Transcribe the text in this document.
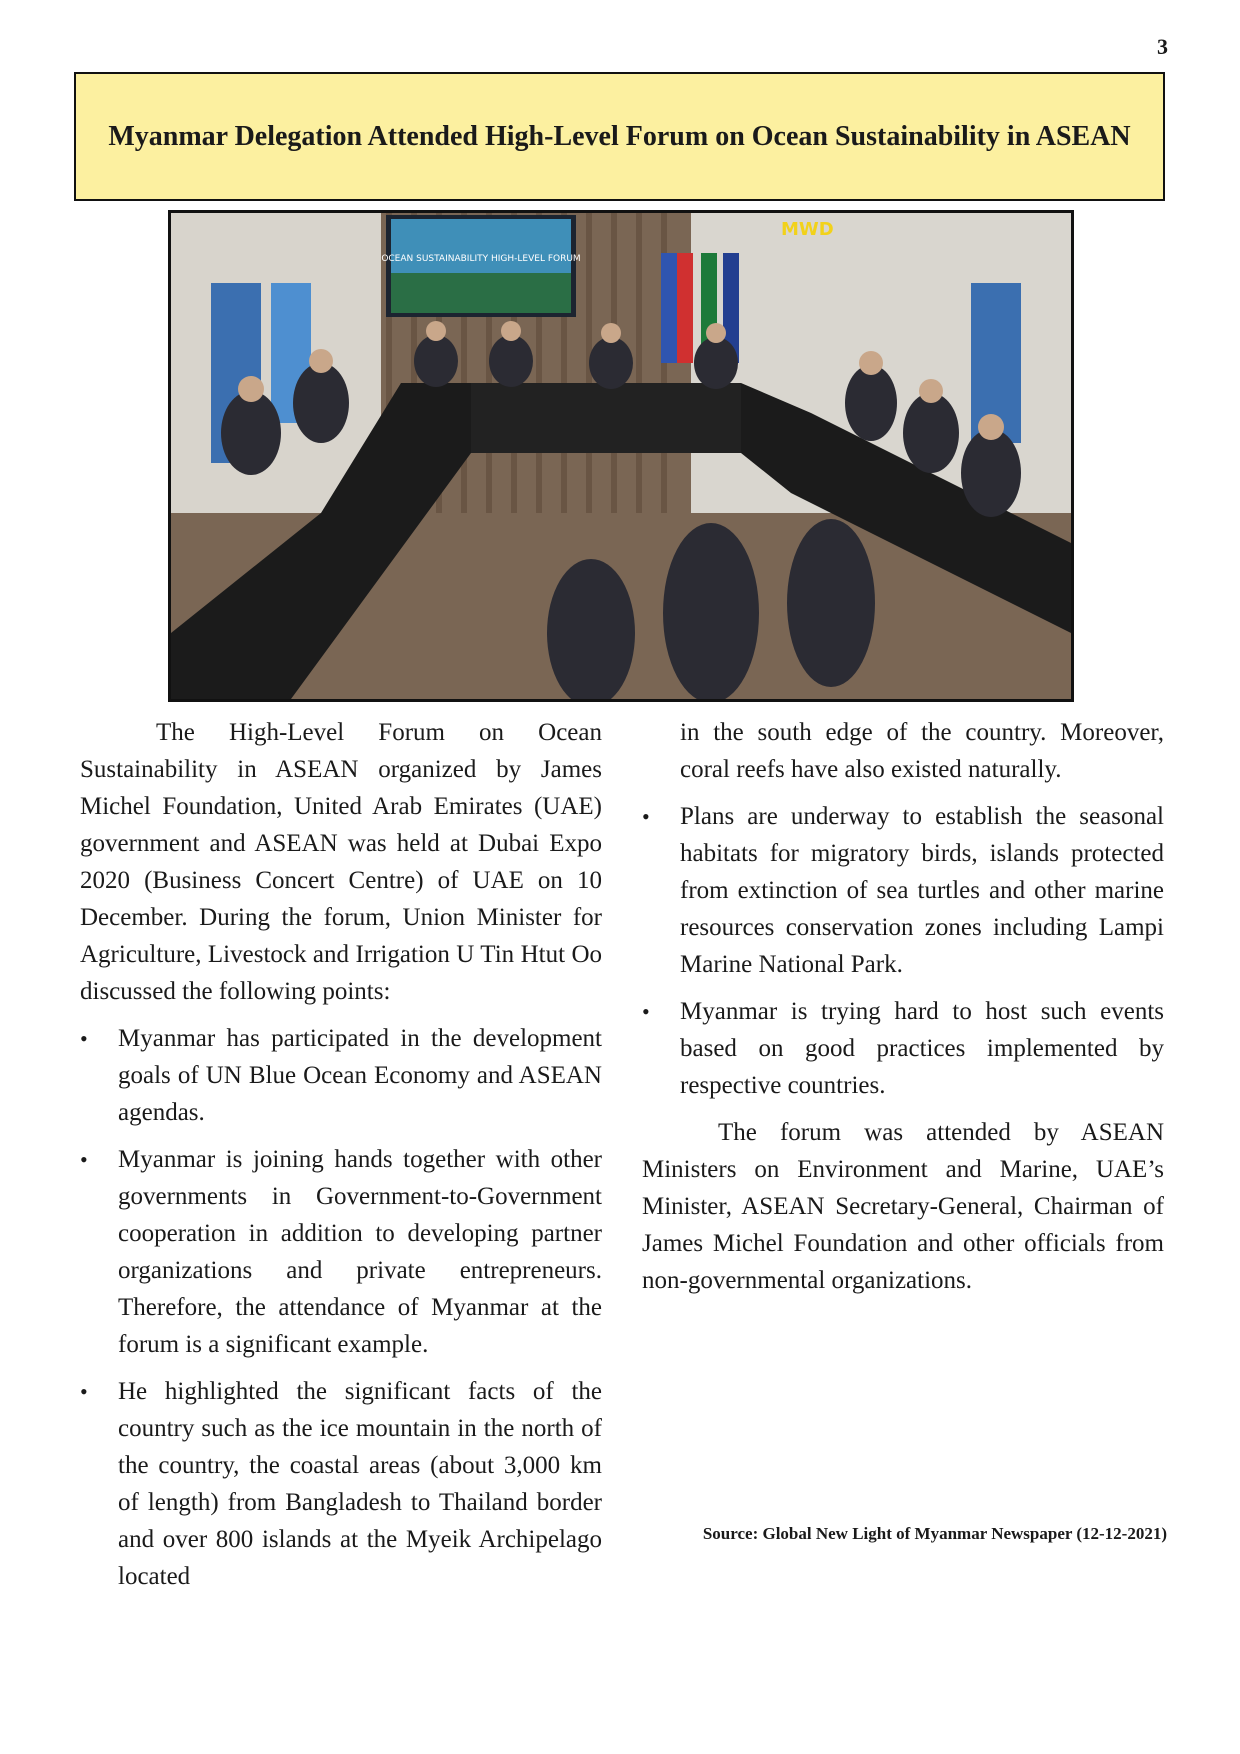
3
Myanmar Delegation Attended High-Level Forum on Ocean Sustainability in ASEAN
OCEAN SUSTAINABILITY HIGH-LEVEL FORUM
MWD

The High-Level Forum on Ocean Sustainability in ASEAN organized by James Michel Foundation, United Arab Emirates (UAE) government and ASEAN was held at Dubai Expo 2020 (Business Concert Centre) of UAE on 10 December. During the forum, Union Minister for Agriculture, Livestock and Irrigation U Tin Htut Oo discussed the following points:

• Myanmar has participated in the development goals of UN Blue Ocean Economy and ASEAN agendas.
• Myanmar is joining hands together with other governments in Government-to-Government cooperation in addition to developing partner organizations and private entrepreneurs. Therefore, the attendance of Myanmar at the forum is a significant example.
• He highlighted the significant facts of the country such as the ice mountain in the north of the country, the coastal areas (about 3,000 km of length) from Bangladesh to Thailand border and over 800 islands at the Myeik Archipelago located

in the south edge of the country. Moreover, coral reefs have also existed naturally.

• Plans are underway to establish the seasonal habitats for migratory birds, islands protected from extinction of sea turtles and other marine resources conservation zones including Lampi Marine National Park.
• Myanmar is trying hard to host such events based on good practices implemented by respective countries.

The forum was attended by ASEAN Ministers on Environment and Marine, UAE’s Minister, ASEAN Secretary-General, Chairman of James Michel Foundation and other officials from non-governmental organizations.

Source: Global New Light of Myanmar Newspaper (12-12-2021)
